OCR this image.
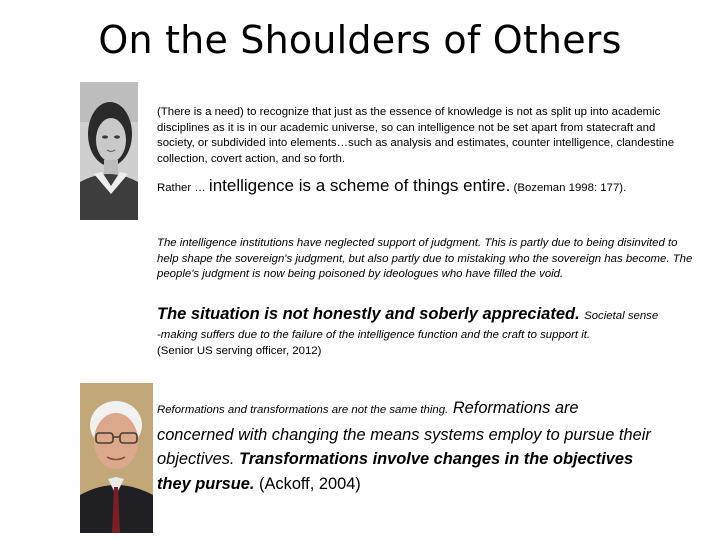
On the Shoulders of Others
(There is a need) to recognize that just as the essence of knowledge is not as split up into academic disciplines as it is in our academic universe, so can intelligence not be set apart from statecraft and society, or subdivided into elements…such as analysis and estimates, counter intelligence, clandestine collection, covert action, and so forth.
Rather … intelligence is a scheme of things entire. (Bozeman 1998: 177).
The intelligence institutions have neglected support of judgment. This is partly due to being disinvited to help shape the sovereign's judgment, but also partly due to mistaking who the sovereign has become. The people's judgment is now being poisoned by ideologues who have filled the void.
The situation is not honestly and soberly appreciated. Societal sense
-making suffers due to the failure of the intelligence function and the craft to support it.
(Senior US serving officer, 2012)
Reformations and transformations are not the same thing. Reformations are concerned with changing the means systems employ to pursue their objectives. Transformations involve changes in the objectives they pursue. (Ackoff, 2004)
